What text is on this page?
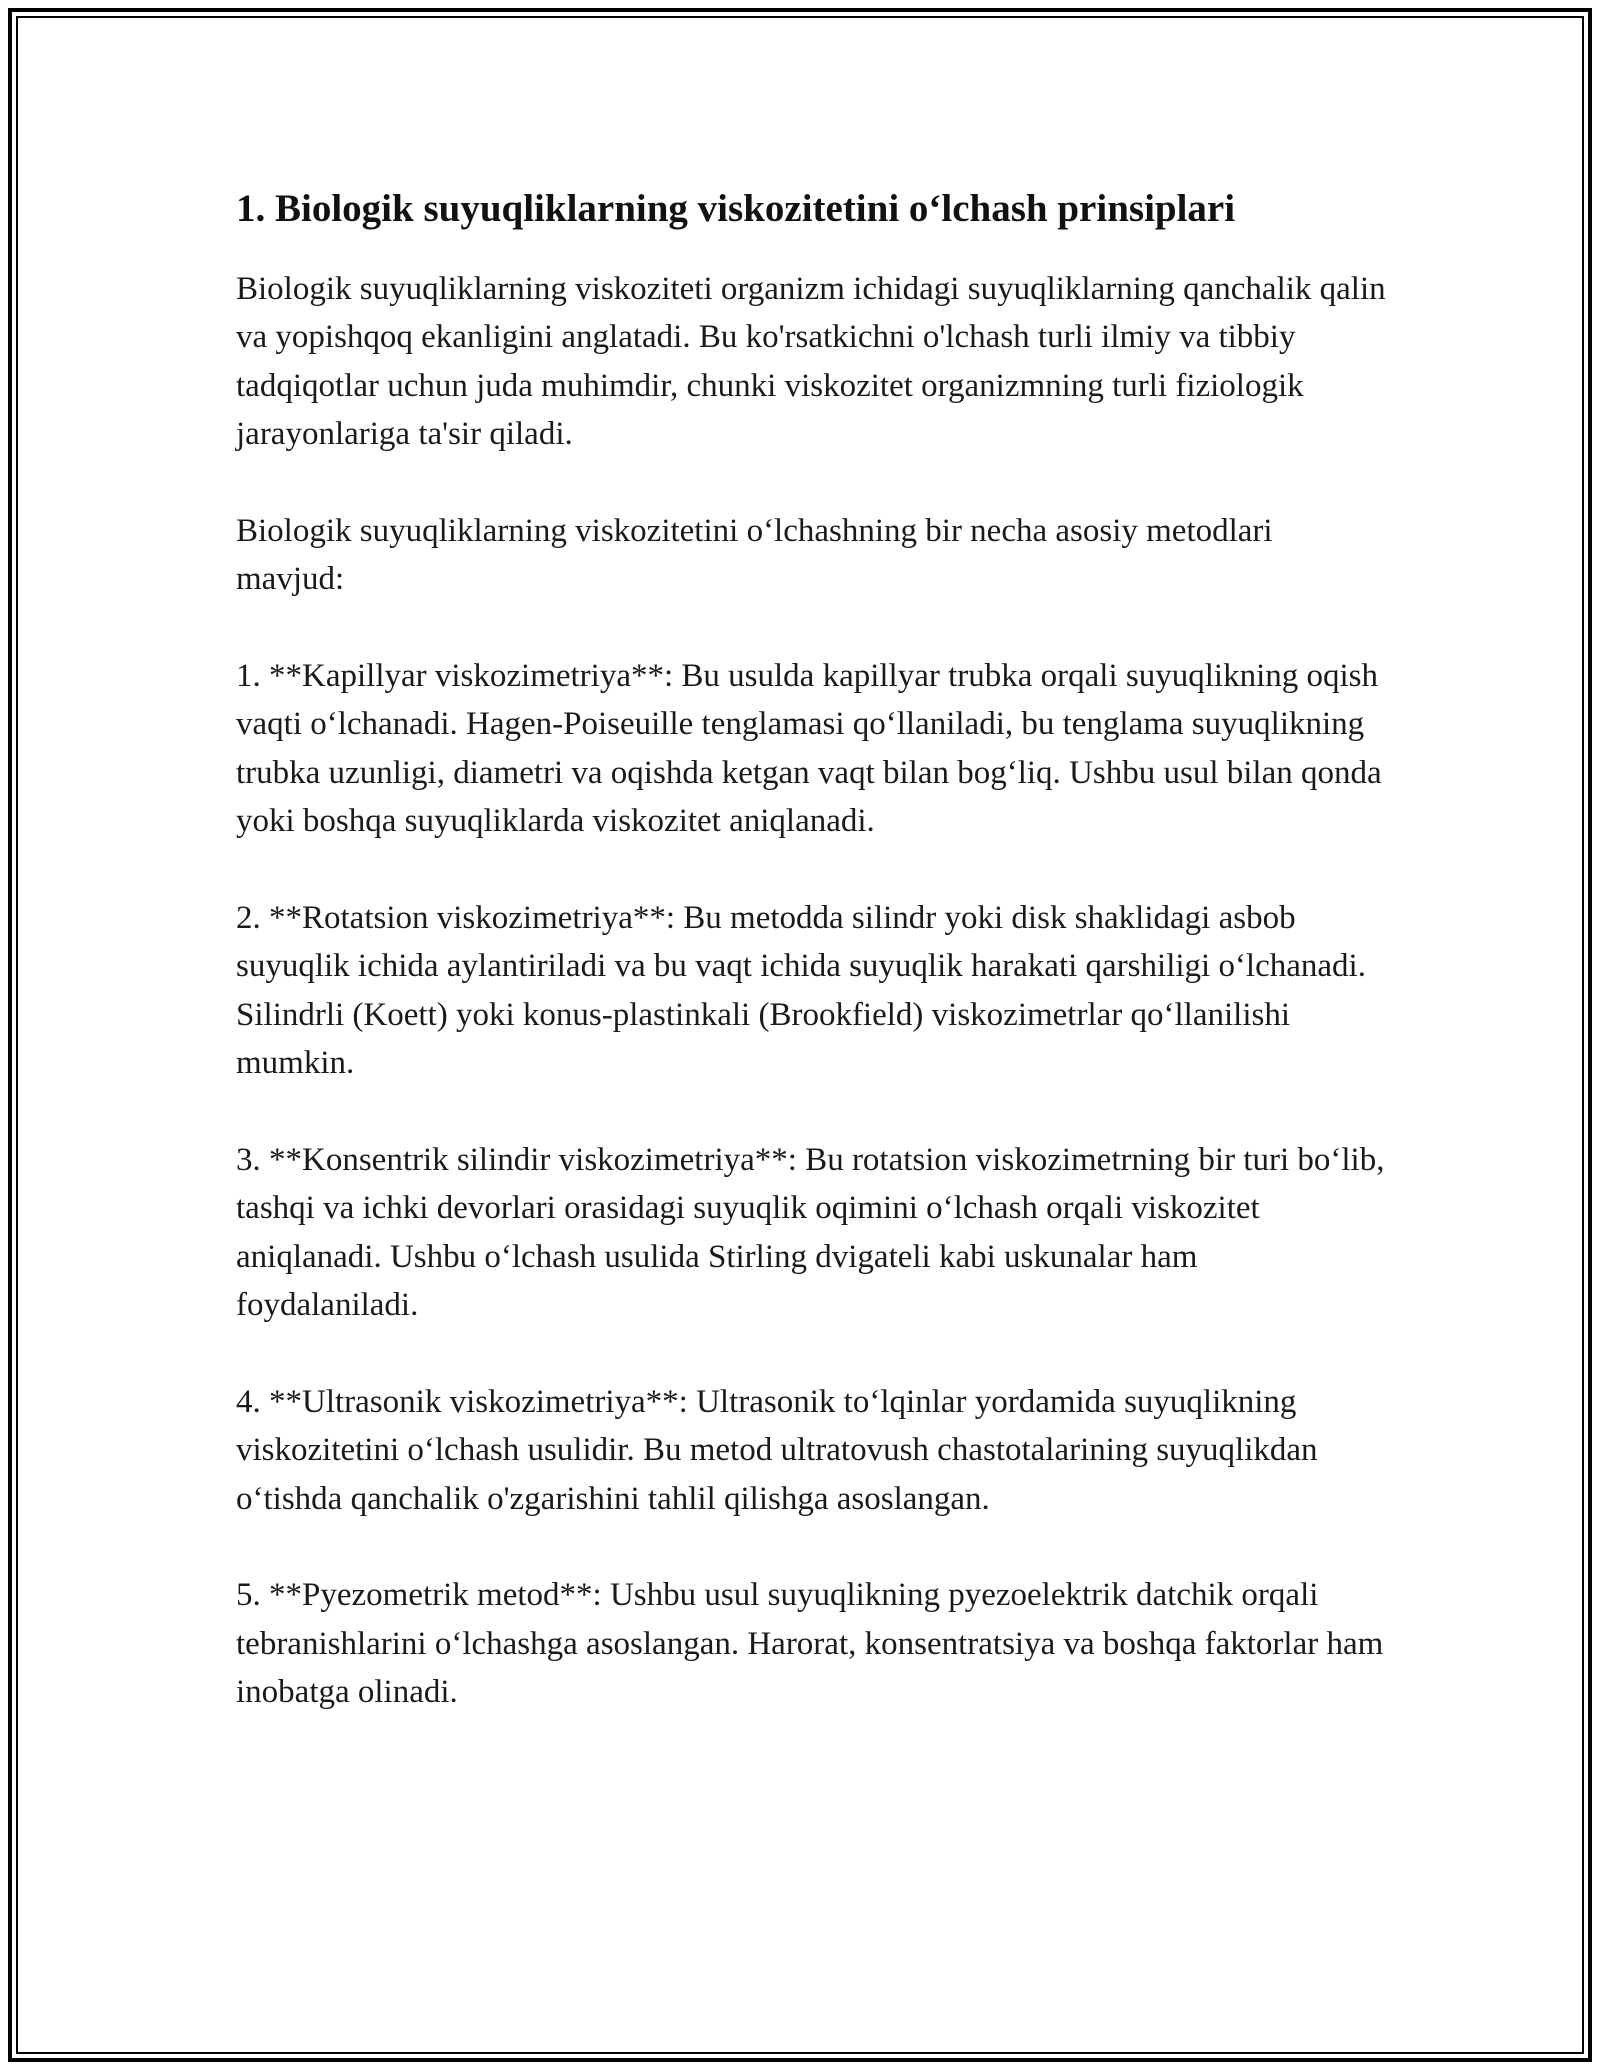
1. Biologik suyuqliklarning viskozitetini o‘lchash prinsiplari

Biologik suyuqliklarning viskoziteti organizm ichidagi suyuqliklarning qanchalik qalin va yopishqoq ekanligini anglatadi. Bu ko'rsatkichni o'lchash turli ilmiy va tibbiy tadqiqotlar uchun juda muhimdir, chunki viskozitet organizmning turli fiziologik jarayonlariga ta'sir qiladi.

Biologik suyuqliklarning viskozitetini o‘lchashning bir necha asosiy metodlari mavjud:

1. **Kapillyar viskozimetriya**: Bu usulda kapillyar trubka orqali suyuqlikning oqish vaqti o‘lchanadi. Hagen-Poiseuille tenglamasi qo‘llaniladi, bu tenglama suyuqlikning trubka uzunligi, diametri va oqishda ketgan vaqt bilan bog‘liq. Ushbu usul bilan qonda yoki boshqa suyuqliklarda viskozitet aniqlanadi.

2. **Rotatsion viskozimetriya**: Bu metodda silindr yoki disk shaklidagi asbob suyuqlik ichida aylantiriladi va bu vaqt ichida suyuqlik harakati qarshiligi o‘lchanadi. Silindrli (Koett) yoki konus-plastinkali (Brookfield) viskozimetrlar qo‘llanilishi mumkin.

3. **Konsentrik silindir viskozimetriya**: Bu rotatsion viskozimetrning bir turi bo‘lib, tashqi va ichki devorlari orasidagi suyuqlik oqimini o‘lchash orqali viskozitet aniqlanadi. Ushbu o‘lchash usulida Stirling dvigateli kabi uskunalar ham foydalaniladi.

4. **Ultrasonik viskozimetriya**: Ultrasonik to‘lqinlar yordamida suyuqlikning viskozitetini o‘lchash usulidir. Bu metod ultratovush chastotalarining suyuqlikdan o‘tishda qanchalik o'zgarishini tahlil qilishga asoslangan.

5. **Pyezometrik metod**: Ushbu usul suyuqlikning pyezoelektrik datchik orqali tebranishlarini o‘lchashga asoslangan. Harorat, konsentratsiya va boshqa faktorlar ham inobatga olinadi.
